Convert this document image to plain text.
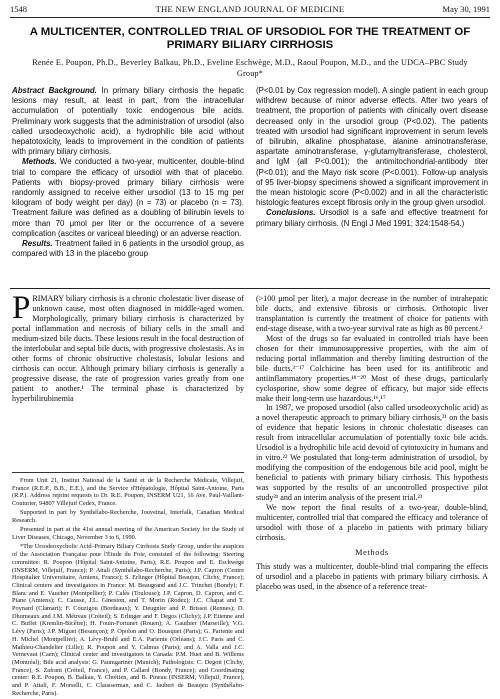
1548	THE NEW ENGLAND JOURNAL OF MEDICINE	May 30, 1991
A MULTICENTER, CONTROLLED TRIAL OF URSODIOL FOR THE TREATMENT OF PRIMARY BILIARY CIRRHOSIS
Renée E. Poupon, Ph.D., Beverley Balkau, Ph.D., Eveline Eschwège, M.D., Raoul Poupon, M.D., and the UDCA–PBC Study Group*

Abstract Background. In primary biliary cirrhosis the hepatic lesions may result, at least in part, from the intracellular accumulation of potentially toxic endogenous bile acids. Preliminary work suggests that the administration of ursodiol (also called ursodeoxycholic acid), a hydrophilic bile acid without hepatotoxicity, leads to improvement in the condition of patients with primary biliary cirrhosis.

Methods. We conducted a two-year, multicenter, double-blind trial to compare the efficacy of ursodiol with that of placebo. Patients with biopsy-proved primary biliary cirrhosis were randomly assigned to receive either ursodiol (13 to 15 mg per kilogram of body weight per day) (n = 73) or placebo (n = 73). Treatment failure was defined as a doubling of bilirubin levels to more than 70 μmol per liter or the occurrence of a severe complication (ascites or variceal bleeding) or an adverse reaction.

Results. Treatment failed in 6 patients in the ursodiol group, as compared with 13 in the placebo group

(P<0.01 by Cox regression model). A single patient in each group withdrew because of minor adverse effects. After two years of treatment, the proportion of patients with clinically overt disease decreased only in the ursodiol group (P<0.02). The patients treated with ursodiol had significant improvement in serum levels of bilirubin, alkaline phosphatase, alanine aminotransferase, aspartate aminotransferase, γ-glutamyltransferase, cholesterol, and IgM (all P<0.001); the antimitochondrial-antibody titer (P<0.01); and the Mayo risk score (P<0.001). Follow-up analysis of 95 liver-biopsy specimens showed a significant improvement in the mean histologic score (P<0.002) and in all the characteristic histologic features except fibrosis only in the group given ursodiol.

Conclusions. Ursodiol is a safe and effective treatment for primary biliary cirrhosis. (N Engl J Med 1991; 324:1548-54.)

PRIMARY biliary cirrhosis is a chronic cholestatic liver disease of unknown cause, most often diagnosed in middle-aged women. Morphologically, primary biliary cirrhosis is characterized by portal inflammation and necrosis of biliary cells in the small and medium-sized bile ducts. These lesions result in the focal destruction of the interlobular and septal bile ducts, with progressive cholestasis. As in other forms of chronic obstructive cholestasis, lobular lesions and cirrhosis can occur. Although primary biliary cirrhosis is generally a progressive disease, the rate of progression varies greatly from one patient to another.¹ The terminal phase is characterized by hyperbilirubinemia

From Unit 21, Institut National de la Santé et de la Recherche Médicale, Villejuif, France (R.E.P., B.B., E.E.), and the Service d'Hépatologie, Hôpital Saint-Antoine, Paris (R.P.). Address reprint requests to Dr. R.E. Poupon, INSERM U21, 16 Ave. Paul-Vaillant-Couturier, 94807 Villejuif Cedex, France.

Supported in part by Synthélabo-Recherche, Jouveinal, Interfalk, Canadian Medical Research.

Presented in part at the 41st annual meeting of the American Society for the Study of Liver Diseases, Chicago, November 3 to 6, 1990.

*The Ursodeoxycholic Acid–Primary Biliary Cirrhosis Study Group, under the auspices of the Association Française pour l'Étude du Foie, consisted of the following: Steering committee: R. Poupon (Hôpital Saint-Antoine, Paris); R.E. Poupon and E. Eschwège (INSERM, Villejuif, France); P. Attali (Synthélabo-Recherche, Paris); J.P. Capron (Centre Hospitalier Universitaire, Amiens, France); S. Erlinger (Hôpital Beaujon, Clichy, France); Clinical centers and investigators in France: M. Beaugrand and J.C. Trinchet (Bondy); F. Blanc and E. Vaucher (Montpellier); P. Calès (Toulouse); J.P. Capron, D. Capron, and C. Piane (Amiens); C. Causse, J.L. Gineston, and T. Morin (Rodez); J.C. Chapat and T. Poynard (Clamart); F. Couzigou (Bordeaux); Y. Deugnier and P. Brissot (Rennes); D. Dhumeaux and J.M. Métreau (Créteil); S. Erlinger and F. Degos (Clichy); J.P. Etienne and C. Buffet (Kremlin-Bicêtre); H. Fouin-Fortunet (Rouen); A. Gauthier (Marseille); V.G. Lévy (Paris); J.P. Miguet (Besançon); P. Opolon and O. Bousquet (Paris); G. Pariente and H. Michel (Montpellier); A. Lévy-Bruhl and E.A. Pariente (Orléans); J.C. Paris and C. Mathieu-Chandelier (Lille); R. Poupon and Y. Calmus (Paris); and A. Valla and J.C. Vernevaut (Caen); Clinical center and investigators in Canada: P.M. Huet and B. Willems (Montréal); Bile acid analysis: G. Paumgartner (Munich); Pathologists: C. Degott (Clichy, France), S. Zafrani (Créteil, France), and P. Callard (Bondy, France); and Coordinating center: R.E. Poupon, B. Balkau, Y. Chrétien, and B. Pineau (INSERM, Villejuif, France), and P. Attali, F. Morselli, C. Clausserman, and C. Jaubert de Beaujeu (Synthélabo-Recherche, Paris).

(>100 μmol per liter), a major decrease in the number of intrahepatic bile ducts, and extensive fibrosis or cirrhosis. Orthotopic liver transplantation is currently the treatment of choice for patients with end-stage disease, with a two-year survival rate as high as 80 percent.²

Most of the drugs so far evaluated in controlled trials have been chosen for their immunosuppressive properties, with the aim of reducing portal inflammation and thereby limiting destruction of the bile ducts.³⁻¹⁷ Colchicine has been used for its antifibrotic and antiinflammatory properties.¹⁸⁻²⁰ Most of these drugs, particularly cyclosporine, show some degree of efficacy, but major side effects make their long-term use hazardous.¹⁶,¹⁷

In 1987, we proposed ursodiol (also called ursodeoxycholic acid) as a novel therapeutic approach to primary biliary cirrhosis,²¹ on the basis of evidence that hepatic lesions in chronic cholestatic diseases can result from intracellular accumulation of potentially toxic bile acids. Ursodiol is a hydrophilic bile acid devoid of cytotoxicity in humans and in vitro.²² We postulated that long-term administration of ursodiol, by modifying the composition of the endogenous bile acid pool, might be beneficial to patients with primary biliary cirrhosis. This hypothesis was supported by the results of an uncontrolled prospective pilot study²¹ and an interim analysis of the present trial.²³

We now report the final results of a two-year, double-blind, multicenter, controlled trial that compared the efficacy and tolerance of ursodiol with those of a placebo in patients with primary biliary cirrhosis.

Methods

This study was a multicenter, double-blind trial comparing the effects of ursodiol and a placebo in patients with primary biliary cirrhosis. A placebo was used, in the absence of a reference treat-
